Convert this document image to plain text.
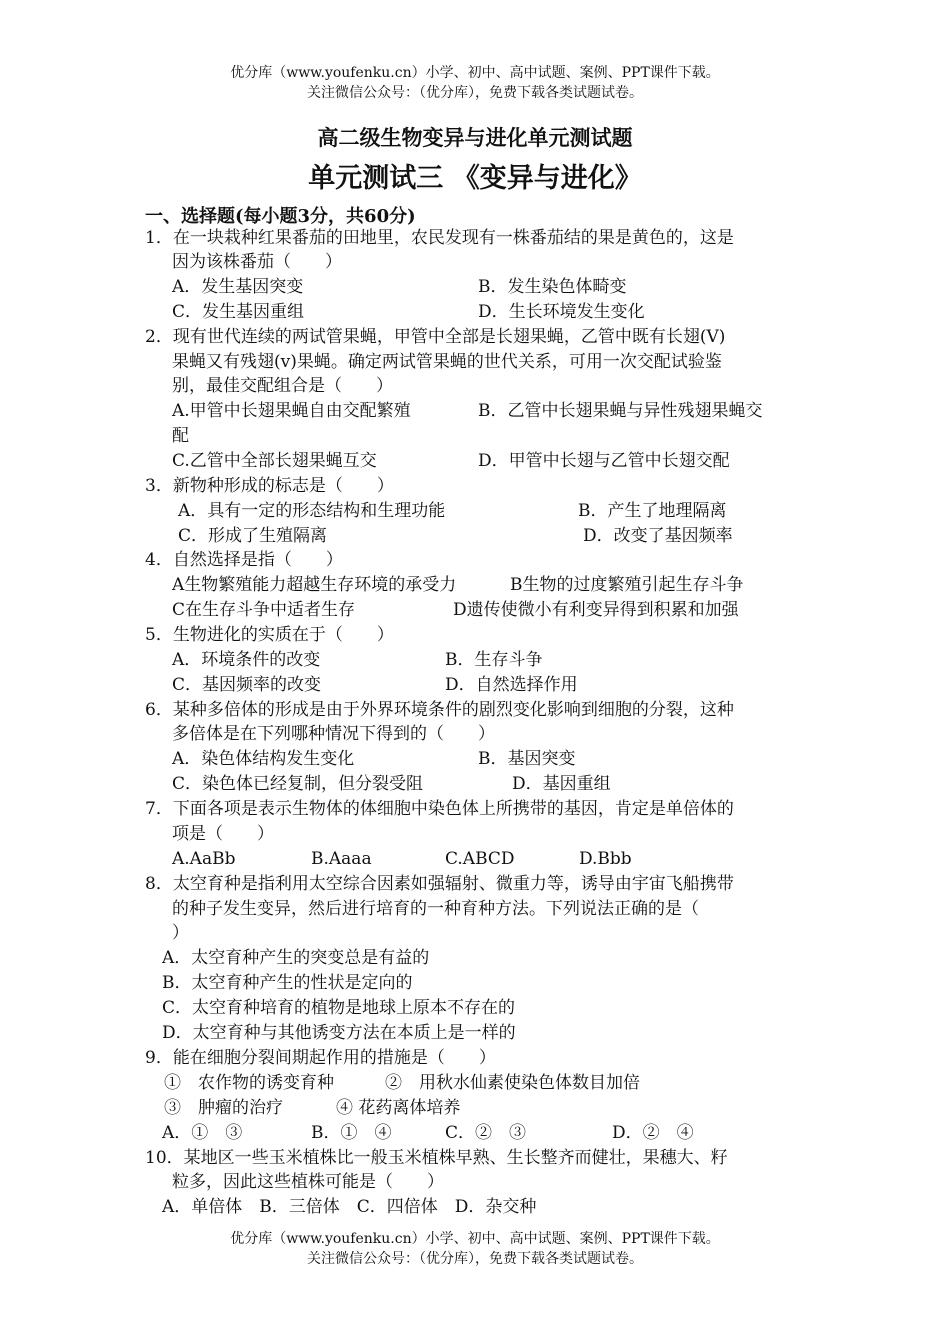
优分库（www.youfenku.cn）小学、初中、高中试题、案例、PPT课件下载。
关注微信公众号：（优分库），免费下载各类试题试卷。
高二级生物变异与进化单元测试题
单元测试三 《变异与进化》
一、选择题(每小题3分，共60分)
1．在一块栽种红果番茄的田地里，农民发现有一株番茄结的果是黄色的，这是
因为该株番茄（　　）
A．发生基因突变	B．发生染色体畸变
C．发生基因重组	D．生长环境发生变化
2．现有世代连续的两试管果蝇，甲管中全部是长翅果蝇，乙管中既有长翅(V)
果蝇又有残翅(v)果蝇。确定两试管果蝇的世代关系，可用一次交配试验鉴
别，最佳交配组合是（　　）
A.甲管中长翅果蝇自由交配繁殖	B．乙管中长翅果蝇与异性残翅果蝇交
配
C.乙管中全部长翅果蝇互交	D．甲管中长翅与乙管中长翅交配
3．新物种形成的标志是（　　）
A．具有一定的形态结构和生理功能	B．产生了地理隔离
C．形成了生殖隔离	D．改变了基因频率
4．自然选择是指（　　）
A生物繁殖能力超越生存环境的承受力	B生物的过度繁殖引起生存斗争
C在生存斗争中适者生存	D遗传使微小有利变异得到积累和加强
5．生物进化的实质在于（　　）
A．环境条件的改变	B．生存斗争
C．基因频率的改变	D．自然选择作用
6．某种多倍体的形成是由于外界环境条件的剧烈变化影响到细胞的分裂，这种
多倍体是在下列哪种情况下得到的（　　）
A．染色体结构发生变化	B．基因突变
C．染色体已经复制，但分裂受阻	D．基因重组
7．下面各项是表示生物体的体细胞中染色体上所携带的基因，肯定是单倍体的
项是（　　）
A.AaBb	B.Aaaa	C.ABCD	D.Bbb
8．太空育种是指利用太空综合因素如强辐射、微重力等，诱导由宇宙飞船携带
的种子发生变异，然后进行培育的一种育种方法。下列说法正确的是（
）
A．太空育种产生的突变总是有益的
B．太空育种产生的性状是定向的
C．太空育种培育的植物是地球上原本不存在的
D．太空育种与其他诱变方法在本质上是一样的
9．能在细胞分裂间期起作用的措施是（　　）
①　农作物的诱变育种	②　用秋水仙素使染色体数目加倍
③　肿瘤的治疗	④ 花药离体培养
A．①　③	B．①　④	C．②　③	D．②　④
10．某地区一些玉米植株比一般玉米植株早熟、生长整齐而健壮，果穗大、籽
粒多，因此这些植株可能是（　　）
A．单倍体　B．三倍体　C．四倍体　D．杂交种
优分库（www.youfenku.cn）小学、初中、高中试题、案例、PPT课件下载。
关注微信公众号：（优分库），免费下载各类试题试卷。
